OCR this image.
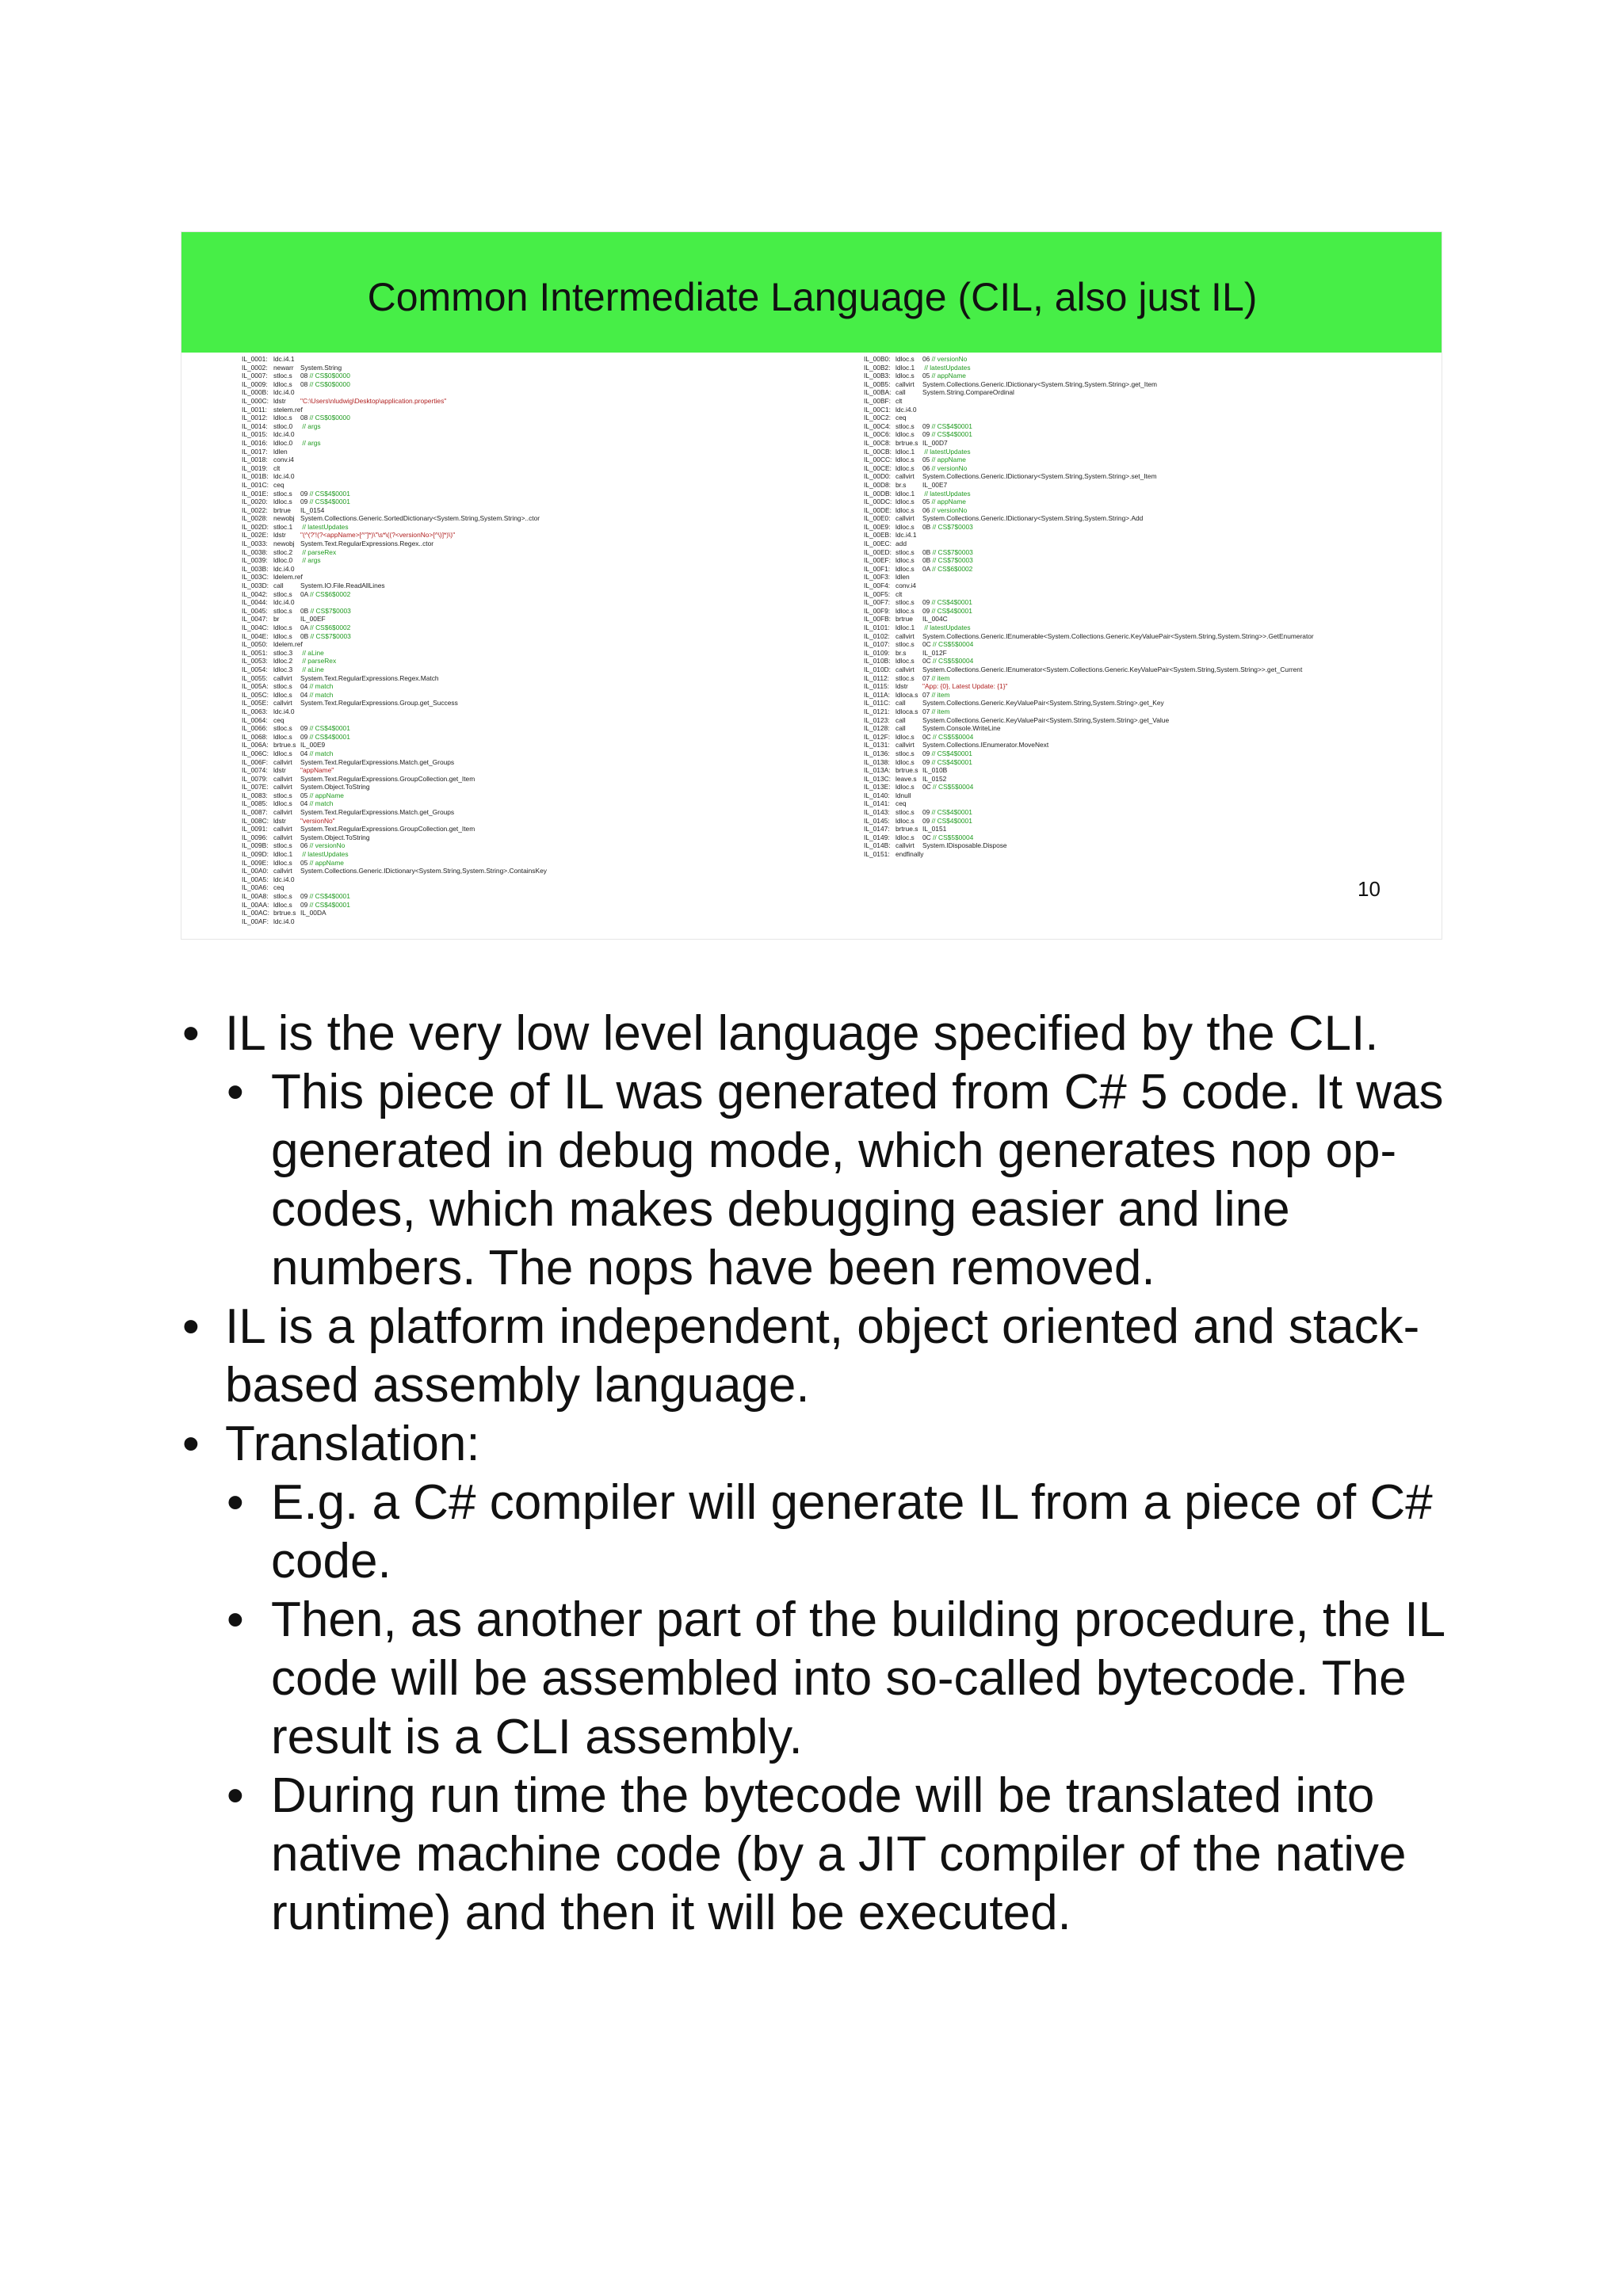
Common Intermediate Language (CIL, also just IL)
IL_0001: ldc.i4.1
IL_0002: newarr System.String
IL_0007: stloc.s 08 // CS$0$0000
IL_0009: ldloc.s 08 // CS$0$0000
IL_000B: ldc.i4.0
IL_000C: ldstr "C:\Users\nludwig\Desktop\application.properties"
IL_0011: stelem.ref
IL_0012: ldloc.s 08 // CS$0$0000
IL_0014: stloc.0 // args
IL_0015: ldc.i4.0
IL_0016: ldloc.0 // args
IL_0017: ldlen
IL_0018: conv.i4
IL_0019: clt
IL_001B: ldc.i4.0
IL_001C: ceq
IL_001E: stloc.s 09 // CS$4$0001
IL_0020: ldloc.s 09 // CS$4$0001
IL_0022: brtrue IL_0154
IL_0028: newobj System.Collections.Generic.SortedDictionary<System.String,System.String>..ctor
IL_002D: stloc.1 // latestUpdates
IL_002E: ldstr "(^(?'!(?<appName>[^"]*)\"\s*\((?<versionNo>[^\)]*)\)"
IL_0033: newobj System.Text.RegularExpressions.Regex..ctor
IL_0038: stloc.2 // parseRex
IL_0039: ldloc.0 // args
IL_003B: ldc.i4.0
IL_003C: ldelem.ref
IL_003D: call	System.IO.File.ReadAllLines
IL_0042: stloc.s 0A // CS$6$0002
IL_0044: ldc.i4.0
IL_0045: stloc.s 0B // CS$7$0003
IL_0047: br	IL_00EF
IL_004C: ldloc.s 0A // CS$6$0002
IL_004E: ldloc.s 0B // CS$7$0003
IL_0050: ldelem.ref
IL_0051: stloc.3 // aLine
IL_0053: ldloc.2 // parseRex
IL_0054: ldloc.3 // aLine
IL_0055: callvirt System.Text.RegularExpressions.Regex.Match
IL_005A: stloc.s 04 // match
IL_005C: ldloc.s 04 // match
IL_005E: callvirt System.Text.RegularExpressions.Group.get_Success
IL_0063: ldc.i4.0
IL_0064: ceq
IL_0066: stloc.s 09 // CS$4$0001
IL_0068: ldloc.s 09 // CS$4$0001
IL_006A: brtrue.s IL_00E9
IL_006C: ldloc.s 04 // match
IL_006F: callvirt System.Text.RegularExpressions.Match.get_Groups
IL_0074: ldstr "appName"
IL_0079: callvirt System.Text.RegularExpressions.GroupCollection.get_Item
IL_007E: callvirt System.Object.ToString
IL_0083: stloc.s 05 // appName
IL_0085: ldloc.s 04 // match
IL_0087: callvirt System.Text.RegularExpressions.Match.get_Groups
IL_008C: ldstr "versionNo"
IL_0091: callvirt System.Text.RegularExpressions.GroupCollection.get_Item
IL_0096: callvirt System.Object.ToString
IL_009B: stloc.s 06 // versionNo
IL_009D: ldloc.1 // latestUpdates
IL_009E: ldloc.s 05 // appName
IL_00A0: callvirt System.Collections.Generic.IDictionary<System.String,System.String>.ContainsKey
IL_00A5: ldc.i4.0
IL_00A6: ceq
IL_00A8: stloc.s 09 // CS$4$0001
IL_00AA: ldloc.s 09 // CS$4$0001
IL_00AC: brtrue.s IL_00DA
IL_00AF: ldc.i4.0
IL_00B0: ldloc.s 06 // versionNo
IL_00B2: ldloc.1 // latestUpdates
IL_00B3: ldloc.s 05 // appName
IL_00B5: callvirt System.Collections.Generic.IDictionary<System.String,System.String>.get_Item
IL_00BA: call	System.String.CompareOrdinal
IL_00BF: clt
IL_00C1: ldc.i4.0
IL_00C2: ceq
IL_00C4: stloc.s 09 // CS$4$0001
IL_00C6: ldloc.s 09 // CS$4$0001
IL_00C8: brtrue.s IL_00D7
IL_00CB: ldloc.1 // latestUpdates
IL_00CC: ldloc.s 05 // appName
IL_00CE: ldloc.s 06 // versionNo
IL_00D0: callvirt System.Collections.Generic.IDictionary<System.String,System.String>.set_Item
IL_00D8: br.s IL_00E7
IL_00DB: ldloc.1 // latestUpdates
IL_00DC: ldloc.s 05 // appName
IL_00DE: ldloc.s 06 // versionNo
IL_00E0: callvirt System.Collections.Generic.IDictionary<System.String,System.String>.Add
IL_00E9: ldloc.s 0B // CS$7$0003
IL_00EB: ldc.i4.1
IL_00EC: add
IL_00ED: stloc.s 0B // CS$7$0003
IL_00EF: ldloc.s 0B // CS$7$0003
IL_00F1: ldloc.s 0A // CS$6$0002
IL_00F3: ldlen
IL_00F4: conv.i4
IL_00F5: clt
IL_00F7: stloc.s 09 // CS$4$0001
IL_00F9: ldloc.s 09 // CS$4$0001
IL_00FB: brtrue IL_004C
IL_0101: ldloc.1 // latestUpdates
IL_0102: callvirt System.Collections.Generic.IEnumerable<System.Collections.Generic.KeyValuePair<System.String,System.String>>.GetEnumerator
IL_0107: stloc.s 0C // CS$5$0004
IL_0109: br.s IL_012F
IL_010B: ldloc.s 0C // CS$5$0004
IL_010D: callvirt System.Collections.Generic.IEnumerator<System.Collections.Generic.KeyValuePair<System.String,System.String>>.get_Current
IL_0112: stloc.s 07 // item
IL_0115: ldstr "App: {0}, Latest Update: {1}"
IL_011A: ldloca.s 07 // item
IL_011C: call	System.Collections.Generic.KeyValuePair<System.String,System.String>.get_Key
IL_0121: ldloca.s 07 // item
IL_0123: call	System.Collections.Generic.KeyValuePair<System.String,System.String>.get_Value
IL_0128: call	System.Console.WriteLine
IL_012F: ldloc.s 0C // CS$5$0004
IL_0131: callvirt System.Collections.IEnumerator.MoveNext
IL_0136: stloc.s 09 // CS$4$0001
IL_0138: ldloc.s 09 // CS$4$0001
IL_013A: brtrue.s IL_010B
IL_013C: leave.s IL_0152
IL_013E: ldloc.s 0C // CS$5$0004
IL_0140: ldnull
IL_0141: ceq
IL_0143: stloc.s 09 // CS$4$0001
IL_0145: ldloc.s 09 // CS$4$0001
IL_0147: brtrue.s IL_0151
IL_0149: ldloc.s 0C // CS$5$0004
IL_014B: callvirt System.IDisposable.Dispose
IL_0151: endfinally
10
• IL is the very low level language specified by the CLI.
• This piece of IL was generated from C# 5 code. It was generated in debug mode, which generates nop op-codes, which makes debugging easier and line numbers. The nops have been removed.
• IL is a platform independent, object oriented and stack-based assembly language.
• Translation:
• E.g. a C# compiler will generate IL from a piece of C# code.
• Then, as another part of the building procedure, the IL code will be assembled into so-called bytecode. The result is a CLI assembly.
• During run time the bytecode will be translated into native machine code (by a JIT compiler of the native runtime) and then it will be executed.
